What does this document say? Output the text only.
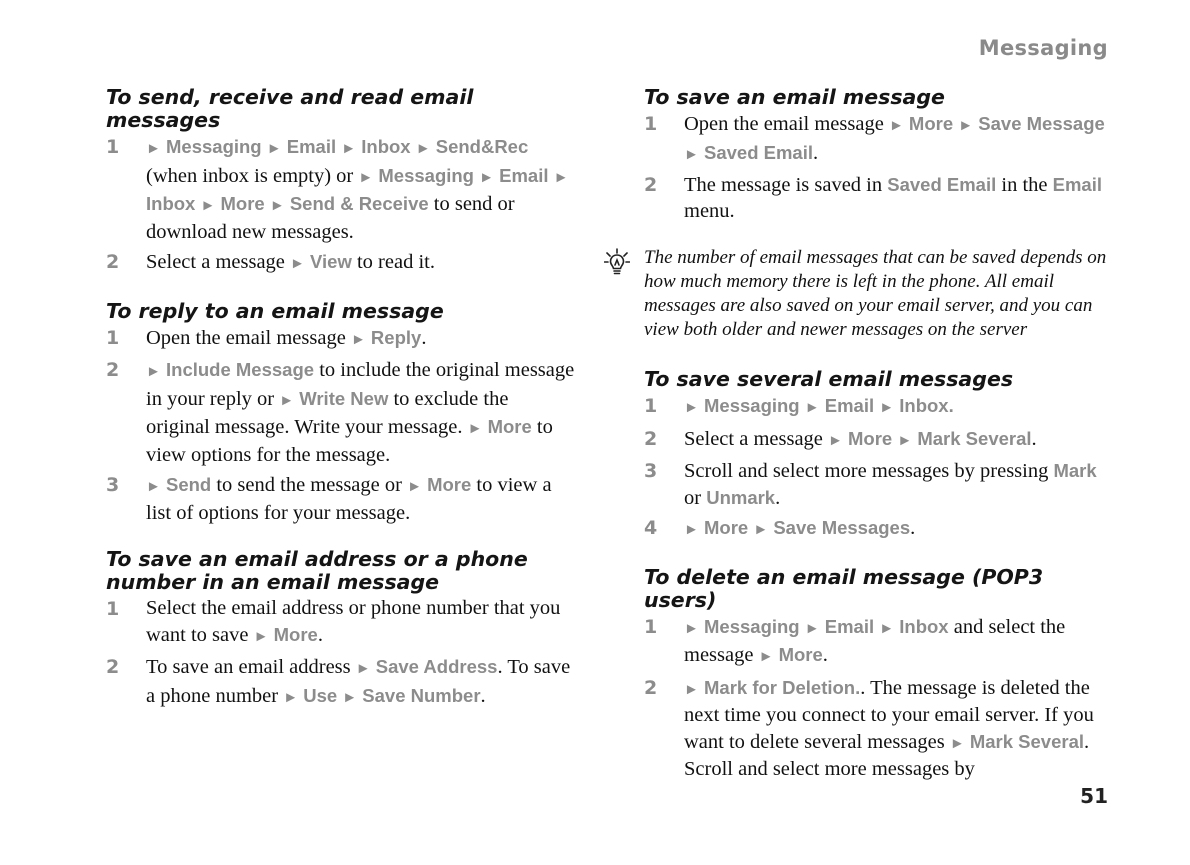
Messaging
To send, receive and read email messages
1	► Messaging ► Email ► Inbox ► Send&Rec (when inbox is empty) or ► Messaging ► Email ► Inbox ► More ► Send & Receive to send or download new messages.
2	Select a message ► View to read it.
To reply to an email message
1	Open the email message ► Reply.
2	► Include Message to include the original message in your reply or ► Write New to exclude the original message. Write your message. ► More to view options for the message.
3	► Send to send the message or ► More to view a list of options for your message.
To save an email address or a phone number in an email message
1	Select the email address or phone number that you want to save ► More.
2	To save an email address ► Save Address. To save a phone number ► Use ► Save Number.
To save an email message
1	Open the email message ► More ► Save Message ► Saved Email.
2	The message is saved in Saved Email in the Email menu.
The number of email messages that can be saved depends on how much memory there is left in the phone. All email messages are also saved on your email server, and you can view both older and newer messages on the server
To save several email messages
1	► Messaging ► Email ► Inbox.
2	Select a message ► More ► Mark Several.
3	Scroll and select more messages by pressing Mark or Unmark.
4	► More ► Save Messages.
To delete an email message (POP3 users)
1	► Messaging ► Email ► Inbox and select the message ► More.
2	► Mark for Deletion.. The message is deleted the next time you connect to your email server. If you want to delete several messages ► Mark Several. Scroll and select more messages by
51
